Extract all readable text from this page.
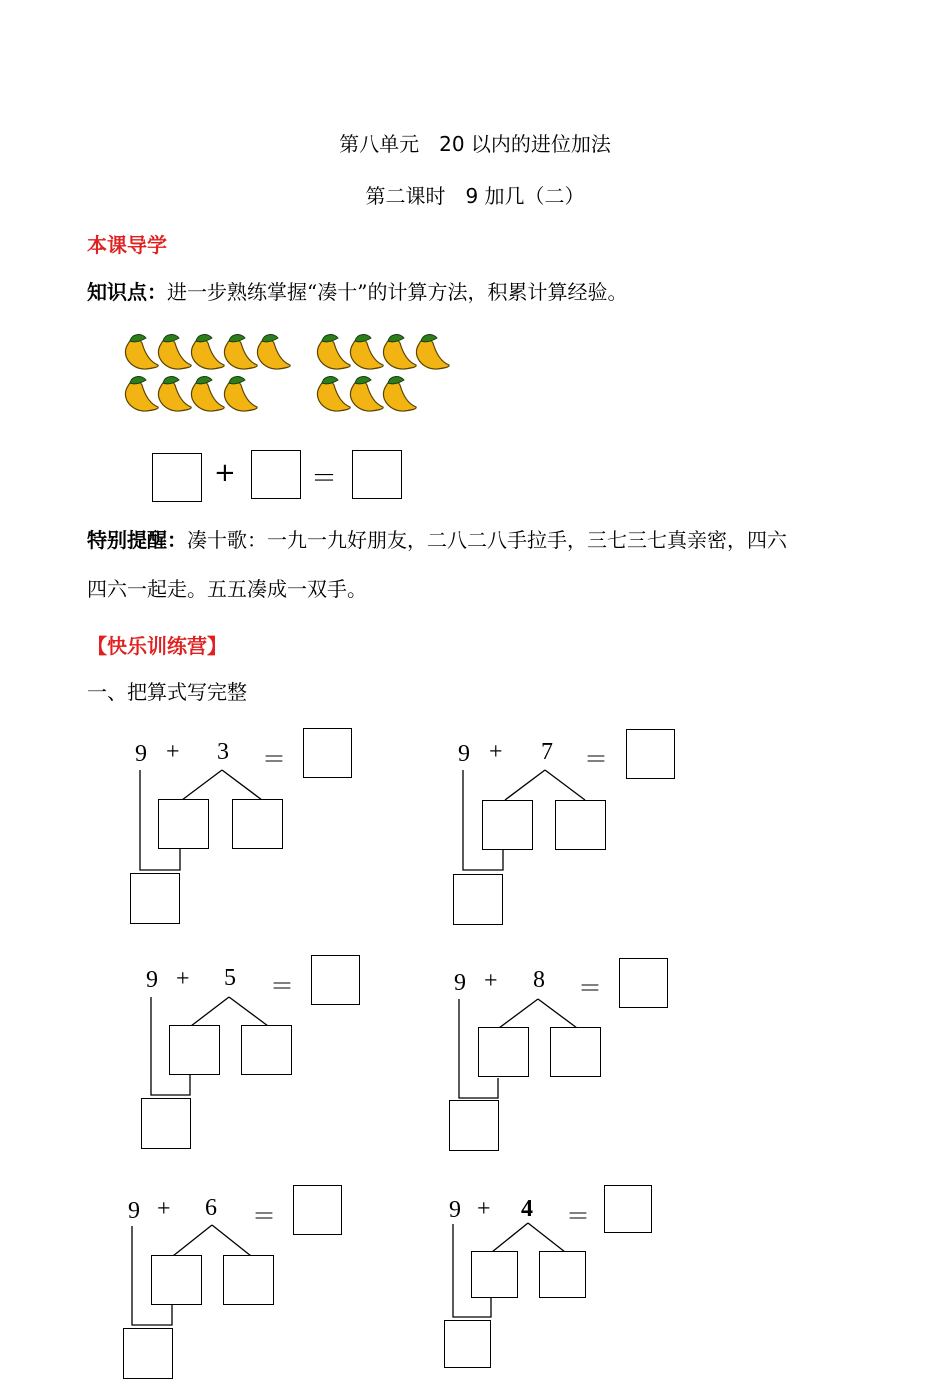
第八单元　20 以内的进位加法
第二课时　9 加几（二）
本课导学
知识点：进一步熟练掌握“凑十”的计算方法，积累计算经验。
+	＝
特别提醒：凑十歌：一九一九好朋友，二八二八手拉手，三七三七真亲密，四六
四六一起走。五五凑成一双手。
【快乐训练营】
一、把算式写完整
9 + 3 ＝	9 + 7 ＝
9 + 5 ＝	9 + 8 ＝
9 + 6 ＝	9 + 4 ＝
